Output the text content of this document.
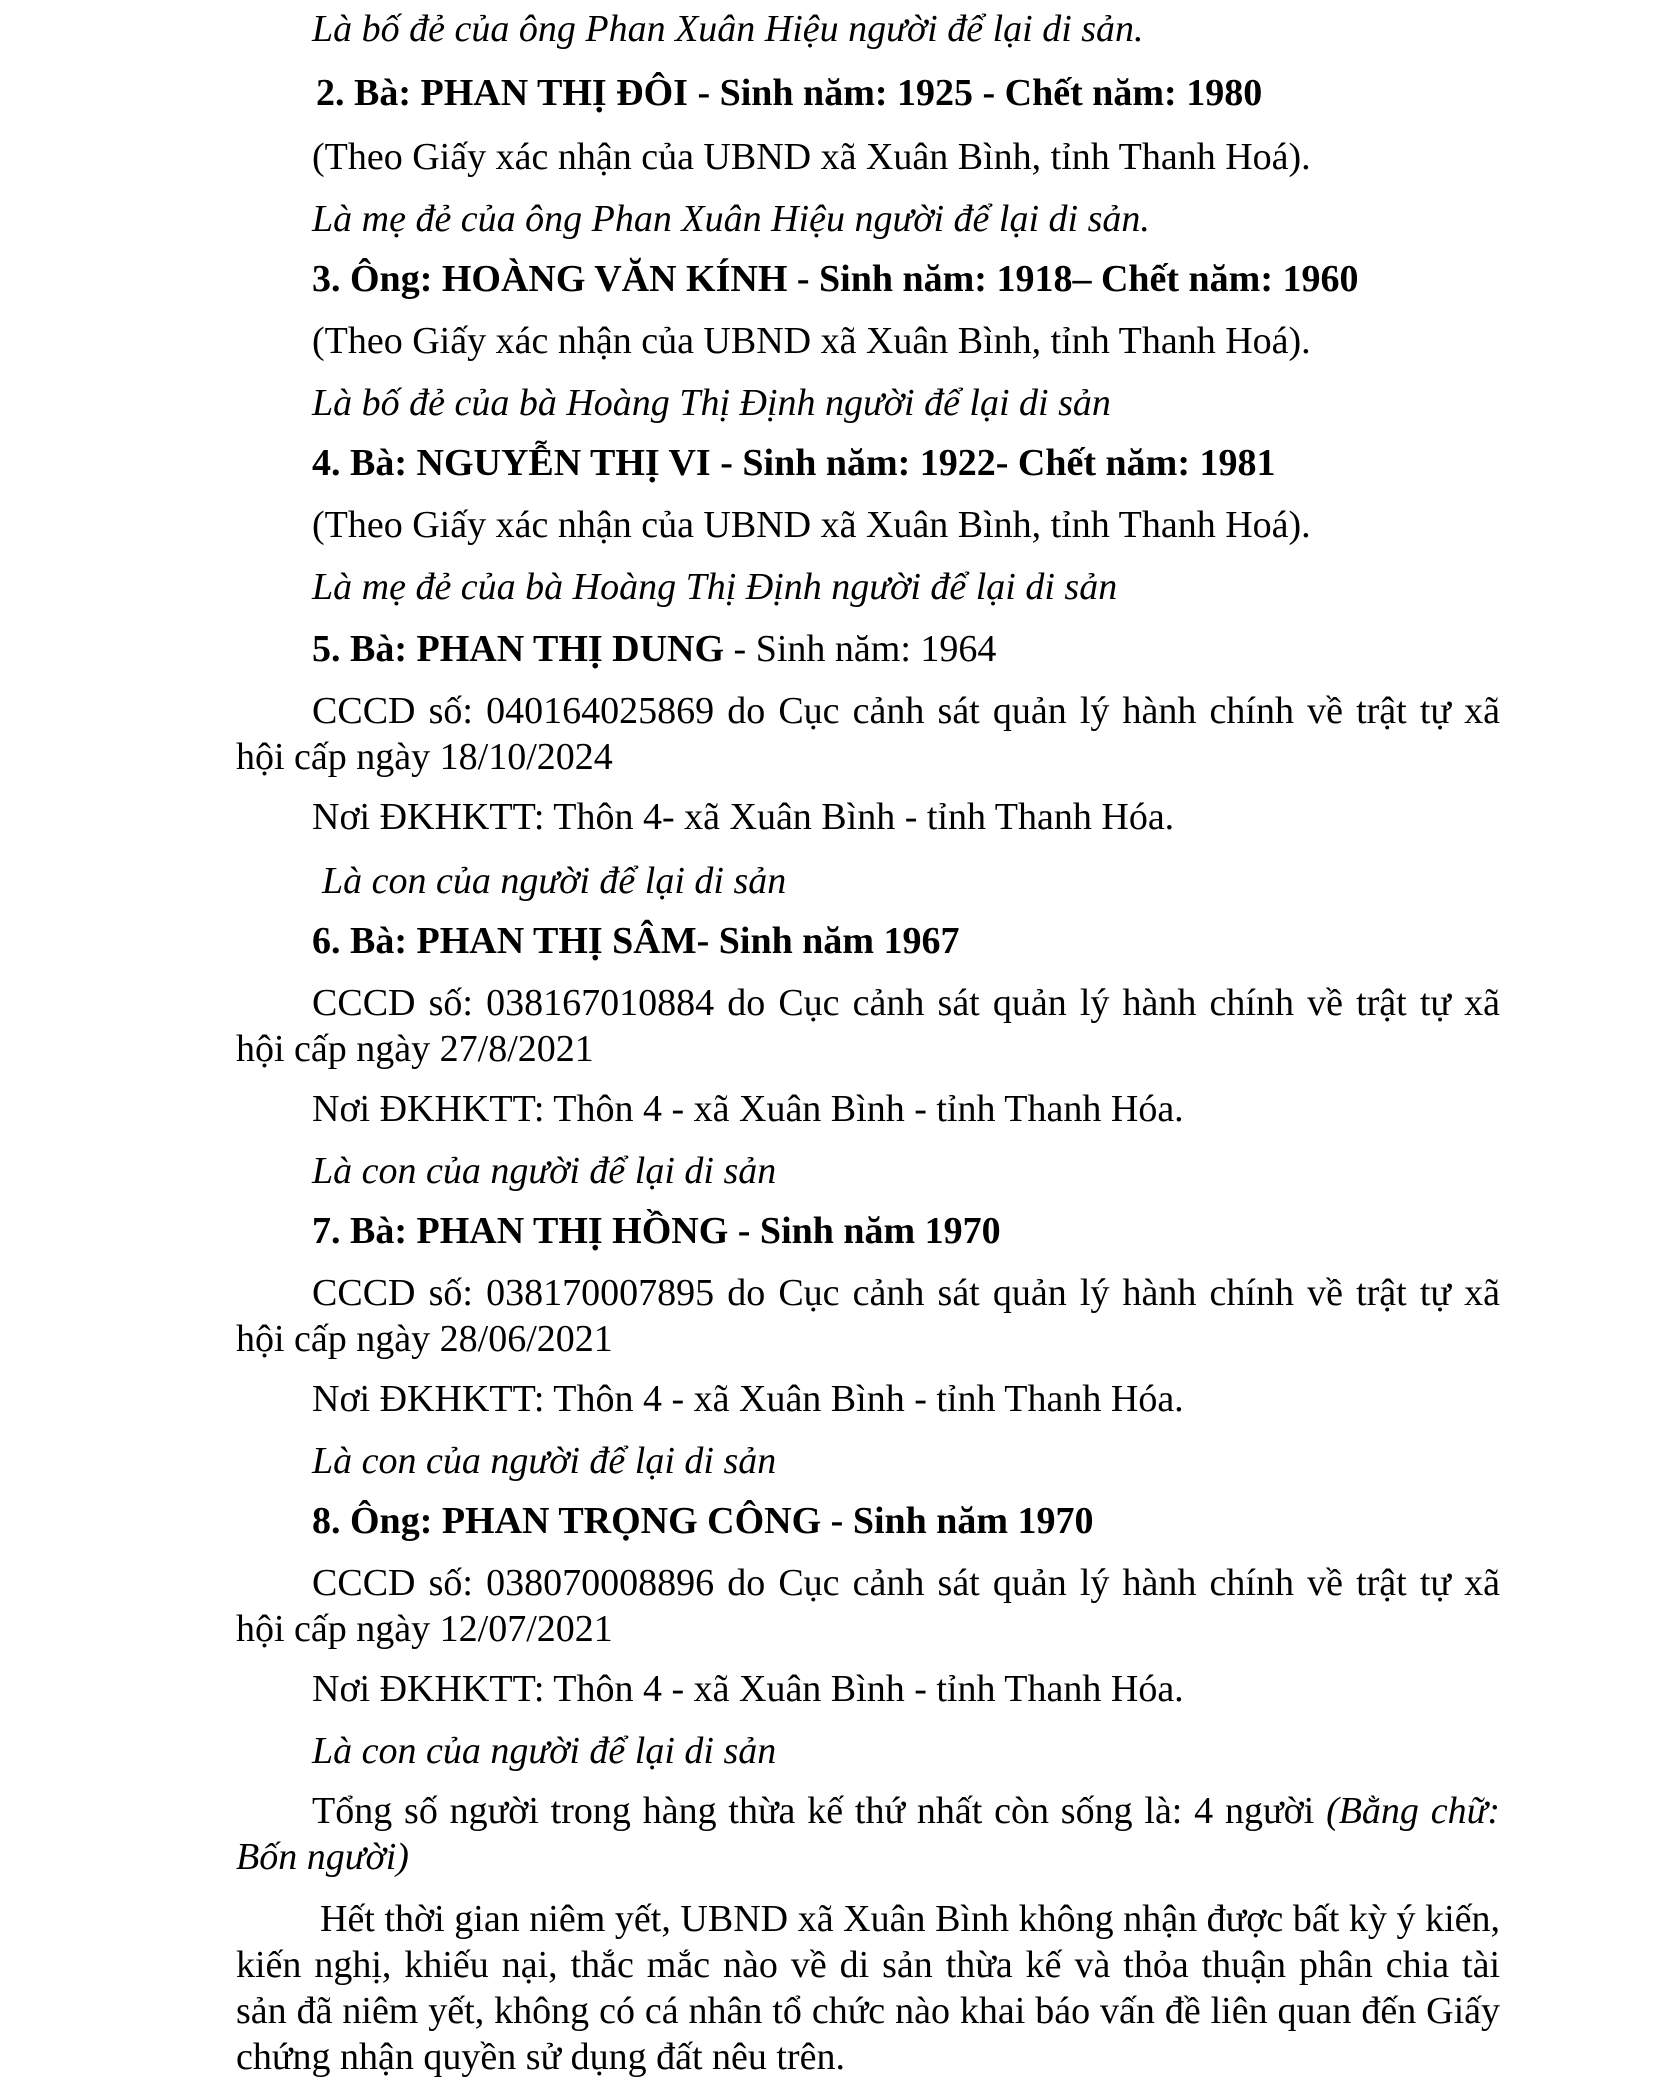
Là bố đẻ của ông Phan Xuân Hiệu người để lại di sản.
2. Bà: PHAN THỊ ĐÔI - Sinh năm: 1925 - Chết năm: 1980
(Theo Giấy xác nhận của UBND xã Xuân Bình, tỉnh Thanh Hoá).
Là mẹ đẻ của ông Phan Xuân Hiệu người để lại di sản.
3. Ông: HOÀNG VĂN KÍNH - Sinh năm: 1918– Chết năm: 1960
(Theo Giấy xác nhận của UBND xã Xuân Bình, tỉnh Thanh Hoá).
Là bố đẻ của bà Hoàng Thị Định người để lại di sản
4. Bà: NGUYỄN THỊ VI - Sinh năm: 1922- Chết năm: 1981
(Theo Giấy xác nhận của UBND xã Xuân Bình, tỉnh Thanh Hoá).
Là mẹ đẻ của bà Hoàng Thị Định người để lại di sản
5. Bà: PHAN THỊ DUNG - Sinh năm: 1964
CCCD số: 040164025869 do Cục cảnh sát quản lý hành chính về trật tự xã hội cấp ngày 18/10/2024
Nơi ĐKHKTT: Thôn 4- xã Xuân Bình - tỉnh Thanh Hóa.
Là con của người để lại di sản
6. Bà: PHAN THỊ SÂM- Sinh năm 1967
CCCD số: 038167010884 do Cục cảnh sát quản lý hành chính về trật tự xã hội cấp ngày 27/8/2021
Nơi ĐKHKTT: Thôn 4 - xã Xuân Bình - tỉnh Thanh Hóa.
Là con của người để lại di sản
7. Bà: PHAN THỊ HỒNG - Sinh năm 1970
CCCD số: 038170007895 do Cục cảnh sát quản lý hành chính về trật tự xã hội cấp ngày 28/06/2021
Nơi ĐKHKTT: Thôn 4 - xã Xuân Bình - tỉnh Thanh Hóa.
Là con của người để lại di sản
8. Ông: PHAN TRỌNG CÔNG - Sinh năm 1970
CCCD số: 038070008896 do Cục cảnh sát quản lý hành chính về trật tự xã hội cấp ngày 12/07/2021
Nơi ĐKHKTT: Thôn 4 - xã Xuân Bình - tỉnh Thanh Hóa.
Là con của người để lại di sản
Tổng số người trong hàng thừa kế thứ nhất còn sống là: 4 người (Bằng chữ: Bốn người)
Hết thời gian niêm yết, UBND xã Xuân Bình không nhận được bất kỳ ý kiến, kiến nghị, khiếu nại, thắc mắc nào về di sản thừa kế và thỏa thuận phân chia tài sản đã niêm yết, không có cá nhân tổ chức nào khai báo vấn đề liên quan đến Giấy chứng nhận quyền sử dụng đất nêu trên.
